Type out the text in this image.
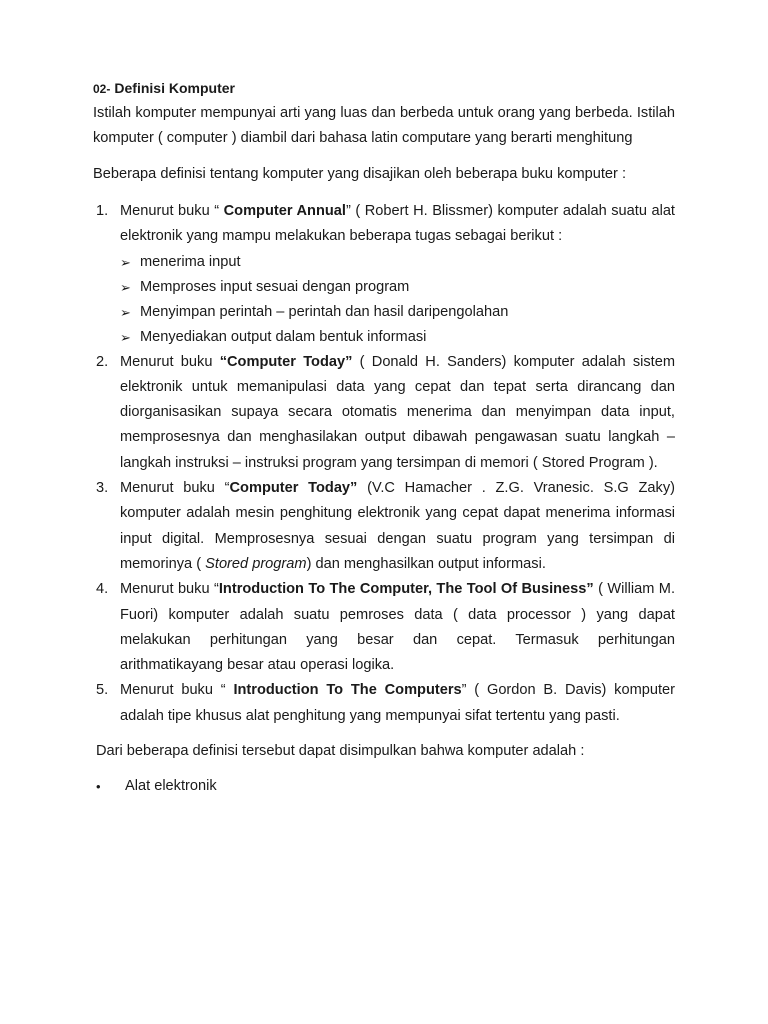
02- Definisi Komputer

Istilah komputer mempunyai arti yang luas dan berbeda untuk orang yang berbeda. Istilah komputer ( computer ) diambil dari bahasa latin computare yang berarti menghitung

Beberapa definisi tentang komputer yang disajikan oleh beberapa buku komputer :

1. Menurut buku “ Computer Annual” ( Robert H. Blissmer) komputer adalah suatu alat elektronik yang mampu melakukan beberapa tugas sebagai berikut :
➢ menerima input
➢ Memproses input sesuai dengan program
➢ Menyimpan perintah – perintah dan hasil daripengolahan
➢ Menyediakan output dalam bentuk informasi
2. Menurut buku “Computer Today” ( Donald H. Sanders) komputer adalah sistem elektronik untuk memanipulasi data yang cepat dan tepat serta dirancang dan diorganisasikan supaya secara otomatis menerima dan menyimpan data input, memprosesnya dan menghasilakan output dibawah pengawasan suatu langkah – langkah instruksi – instruksi program yang tersimpan di memori ( Stored Program ).
3. Menurut buku “Computer Today” (V.C Hamacher . Z.G. Vranesic. S.G Zaky) komputer adalah mesin penghitung elektronik yang cepat dapat menerima informasi input digital. Memprosesnya sesuai dengan suatu program yang tersimpan di memorinya ( Stored program) dan menghasilkan output informasi.
4. Menurut buku “Introduction To The Computer, The Tool Of Business” ( William M. Fuori) komputer adalah suatu pemroses data ( data processor ) yang dapat melakukan perhitungan yang besar dan cepat. Termasuk perhitungan arithmatikayang besar atau operasi logika.
5. Menurut buku “ Introduction To The Computers” ( Gordon B. Davis) komputer adalah tipe khusus alat penghitung yang mempunyai sifat tertentu yang pasti.

Dari beberapa definisi tersebut dapat disimpulkan bahwa komputer adalah :

• Alat elektronik
